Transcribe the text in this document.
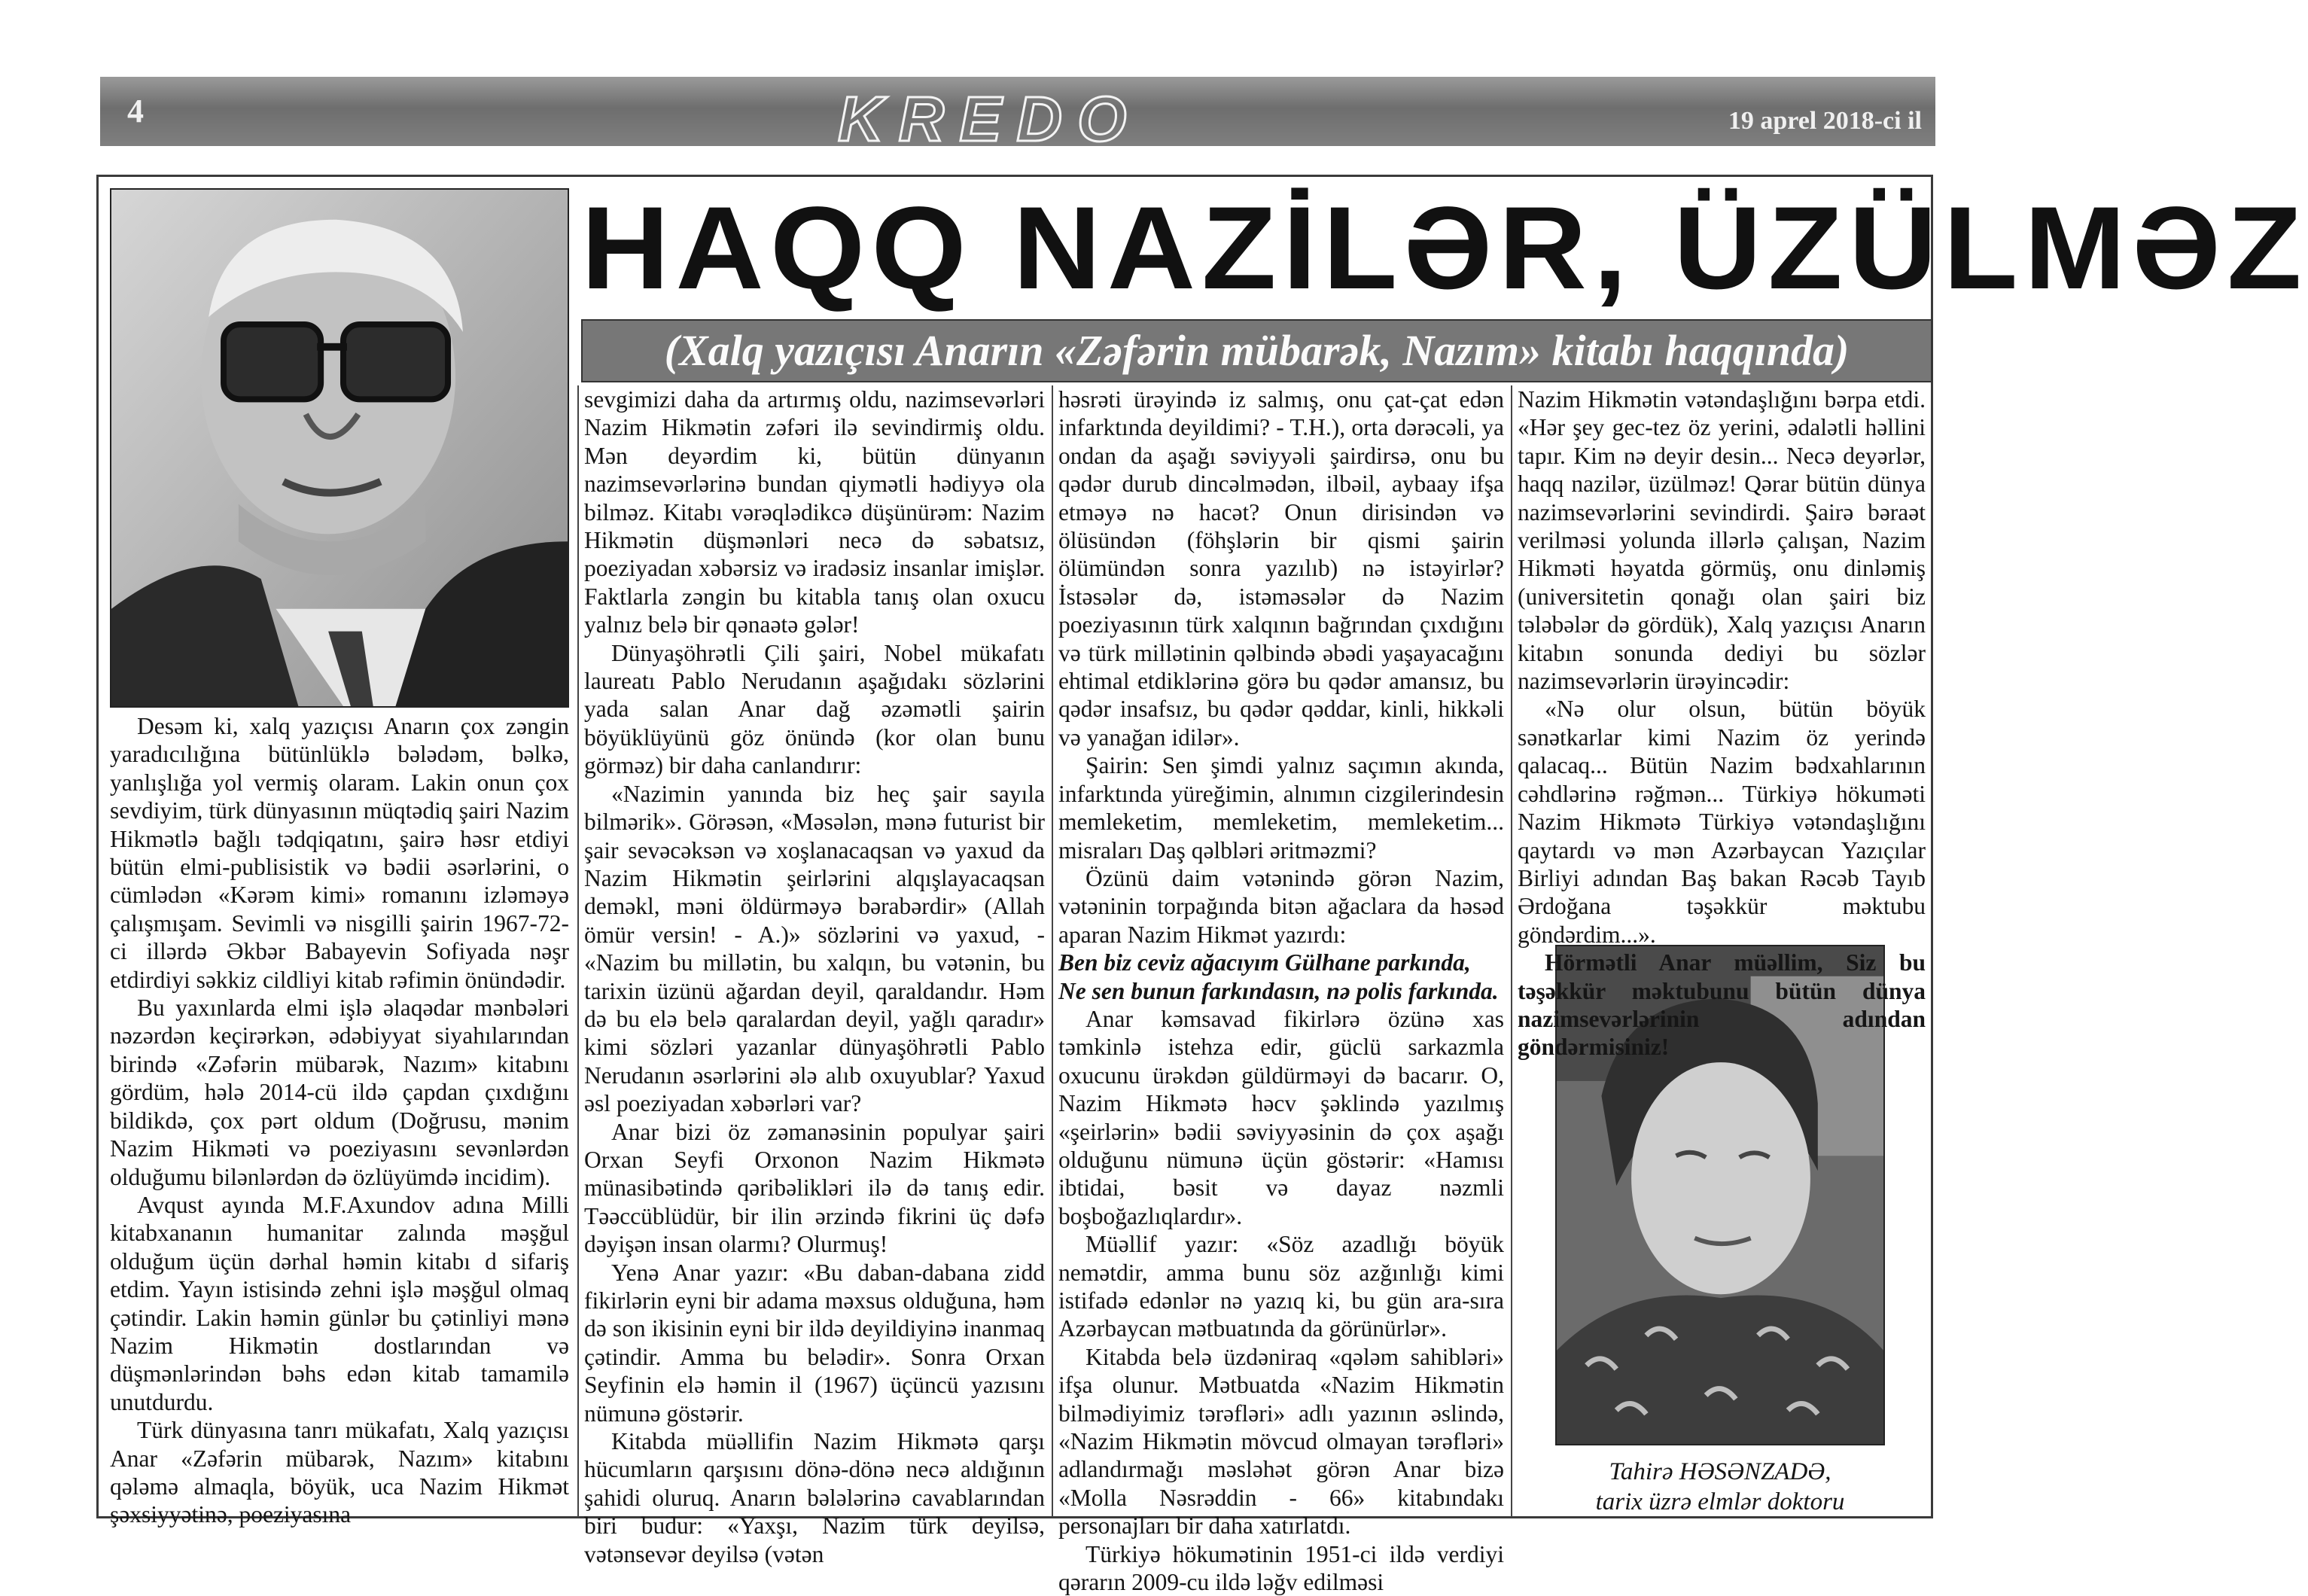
4	KREDO	19 aprel 2018-ci il
HAQQ NAZİLƏR, ÜZÜLMƏZ
(Xalq yazıçısı Anarın «Zəfərin mübarək, Nazım» kitabı haqqında)

Desəm ki, xalq yazıçısı Anarın çox zəngin yaradıcılığına bütünlüklə bələdəm, bəlkə, yanlışlığa yol vermiş olaram. Lakin onun çox sevdiyim, türk dünyasının müqtədiq şairi Nazim Hikmətlə bağlı tədqiqatını, şairə həsr etdiyi bütün elmi-publisistik və bədii əsərlərini, o cümlədən «Kərəm kimi» romanını izləməyə çalışmışam. Sevimli və nisgilli şairin 1967-72-ci illərdə Əkbər Babayevin Sofiyada nəşr etdirdiyi səkkiz cildliyi kitab rəfimin önündədir.

Bu yaxınlarda elmi işlə əlaqədar mənbələri nəzərdən keçirərkən, ədəbiyyat siyahılarından birində «Zəfərin mübarək, Nazım» kitabını gördüm, hələ 2014-cü ildə çapdan çıxdığını bildikdə, çox pərt oldum (Doğrusu, mənim Nazim Hikməti və poeziyasını sevənlərdən olduğumu bilənlərdən də özlüyümdə incidim).

Avqust ayında M.F.Axundov adına Milli kitabxananın humanitar zalında məşğul olduğum üçün dərhal həmin kitabı d sifariş etdim. Yayın istisində zehni işlə məşğul olmaq çətindir. Lakin həmin günlər bu çətinliyi mənə Nazim Hikmətin dostlarından və düşmənlərindən bəhs edən kitab tamamilə unutdurdu.

Türk dünyasına tanrı mükafatı, Xalq yazıçısı Anar «Zəfərin mübarək, Nazım» kitabını qələmə almaqla, böyük, uca Nazim Hikmət şəxsiyyətinə, poeziyasına

sevgimizi daha da artırmış oldu, nazimsevərləri Nazim Hikmətin zəfəri ilə sevindirmiş oldu. Mən deyərdim ki, bütün dünyanın nazimsevərlərinə bundan qiymətli hədiyyə ola bilməz. Kitabı vərəqlədikcə düşünürəm: Nazim Hikmətin düşmənləri necə də səbatsız, poeziyadan xəbərsiz və iradəsiz insanlar imişlər. Faktlarla zəngin bu kitabla tanış olan oxucu yalnız belə bir qənaətə gələr!

Dünyaşöhrətli Çili şairi, Nobel mükafatı laureatı Pablo Nerudanın aşağıdakı sözlərini yada salan Anar dağ əzəmətli şairin böyüklüyünü göz önündə (kor olan bunu görməz) bir daha canlandırır:

«Nazimin yanında biz heç şair sayıla bilmərik». Görəsən, «Məsələn, mənə futurist bir şair sevəcəksən və xoşlanacaqsan və yaxud da Nazim Hikmətin şeirlərini alqışlayacaqsan deməkl, məni öldürməyə bərabərdir» (Allah ömür versin! - A.)» sözlərini və yaxud, - «Nazim bu millətin, bu xalqın, bu vətənin, bu tarixin üzünü ağardan deyil, qaraldandır. Həm də bu elə belə qaralardan deyil, yağlı qaradır» kimi sözləri yazanlar dünyaşöhrətli Pablo Nerudanın əsərlərini ələ alıb oxuyublar? Yaxud əsl poeziyadan xəbərləri var?

Anar bizi öz zəmanəsinin populyar şairi Orxan Seyfi Orxonon Nazim Hikmətə münasibətində qəribəlikləri ilə də tanış edir. Təəccüblüdür, bir ilin ərzində fikrini üç dəfə dəyişən insan olarmı? Olurmuş!

Yenə Anar yazır: «Bu daban-dabana zidd fikirlərin eyni bir adama məxsus olduğuna, həm də son ikisinin eyni bir ildə deyildiyinə inanmaq çətindir. Amma bu belədir». Sonra Orxan Seyfinin elə həmin il (1967) üçüncü yazısını nümunə göstərir.

Kitabda müəllifin Nazim Hikmətə qarşı hücumların qarşısını dönə-dönə necə aldığının şahidi oluruq. Anarın bələlərinə cavablarından biri budur: «Yaxşı, Nazim türk deyilsə, vətənsevər deyilsə (vətən

həsrəti ürəyində iz salmış, onu çat-çat edən infarktında deyildimi? - T.H.), orta dərəcəli, ya ondan da aşağı səviyyəli şairdirsə, onu bu qədər durub dincəlmədən, ilbəil, aybaay ifşa etməyə nə hacət? Onun dirisindən və ölüsündən (föhşlərin bir qismi şairin ölümündən sonra yazılıb) nə istəyirlər? İstəsələr də, istəməsələr də Nazim poeziyasının türk xalqının bağrından çıxdığını və türk millətinin qəlbində əbədi yaşayacağını ehtimal etdiklərinə görə bu qədər amansız, bu qədər insafsız, bu qədər qəddar, kinli, hikkəli və yanağan idilər».

Şairin: Sen şimdi yalnız saçımın akında, infarktında yüreğimin, alnımın cizgilerindesin memleketim, memleketim, memleketim... misraları Daş qəlbləri əritməzmi?

Özünü daim vətənində görən Nazim, vətəninin torpağında bitən ağaclara da həsəd aparan Nazim Hikmət yazırdı:

Ben biz ceviz ağacıyım Gülhane parkında,

Ne sen bunun farkındasın, nə polis farkında.

Anar kəmsavad fikirlərə özünə xas təmkinlə istehza edir, güclü sarkazmla oxucunu ürəkdən güldürməyi də bacarır. O, Nazim Hikmətə həcv şəklində yazılmış «şeirlərin» bədii səviyyəsinin də çox aşağı olduğunu nümunə üçün göstərir: «Hamısı ibtidai, bəsit və dayaz nəzmli boşboğazlıqlardır».

Müəllif yazır: «Söz azadlığı böyük nemətdir, amma bunu söz azğınlığı kimi istifadə edənlər nə yazıq ki, bu gün ara-sıra Azərbaycan mətbuatında da görünürlər».

Kitabda belə üzdəniraq «qələm sahibləri» ifşa olunur. Mətbuatda «Nazim Hikmətin bilmədiyimiz tərəfləri» adlı yazının əslində, «Nazim Hikmətin mövcud olmayan tərəfləri» adlandırmağı məsləhət görən Anar bizə «Molla Nəsrəddin - 66» kitabındakı personajları bir daha xatırlatdı.

Türkiyə hökumətinin 1951-ci ildə verdiyi qərarın 2009-cu ildə ləğv edilməsi

Nazim Hikmətin vətəndaşlığını bərpa etdi. «Hər şey gec-tez öz yerini, ədalətli həllini tapır. Kim nə deyir desin... Necə deyərlər, haqq nazilər, üzülməz! Qərar bütün dünya nazimsevərlərini sevindirdi. Şairə bəraət verilməsi yolunda illərlə çalışan, Nazim Hikməti həyatda görmüş, onu dinləmiş (universitetin qonağı olan şairi biz tələbələr də gördük), Xalq yazıçısı Anarın kitabın sonunda dediyi bu sözlər nazimsevərlərin ürəyincədir:

«Nə olur olsun, bütün böyük sənətkarlar kimi Nazim öz yerində qalacaq... Bütün Nazim bədxahlarının cəhdlərinə rəğmən... Türkiyə hökuməti Nazim Hikmətə Türkiyə vətəndaşlığını qaytardı və mən Azərbaycan Yazıçılar Birliyi adından Baş bakan Rəcəb Tayıb Ərdoğana təşəkkür məktubu göndərdim...».

Hörmətli Anar müəllim, Siz bu təşəkkür məktubunu bütün dünya nazimsevərlərinin adından göndərmisiniz!

Tahirə HƏSƏNZADƏ,
tarix üzrə elmlər doktoru
